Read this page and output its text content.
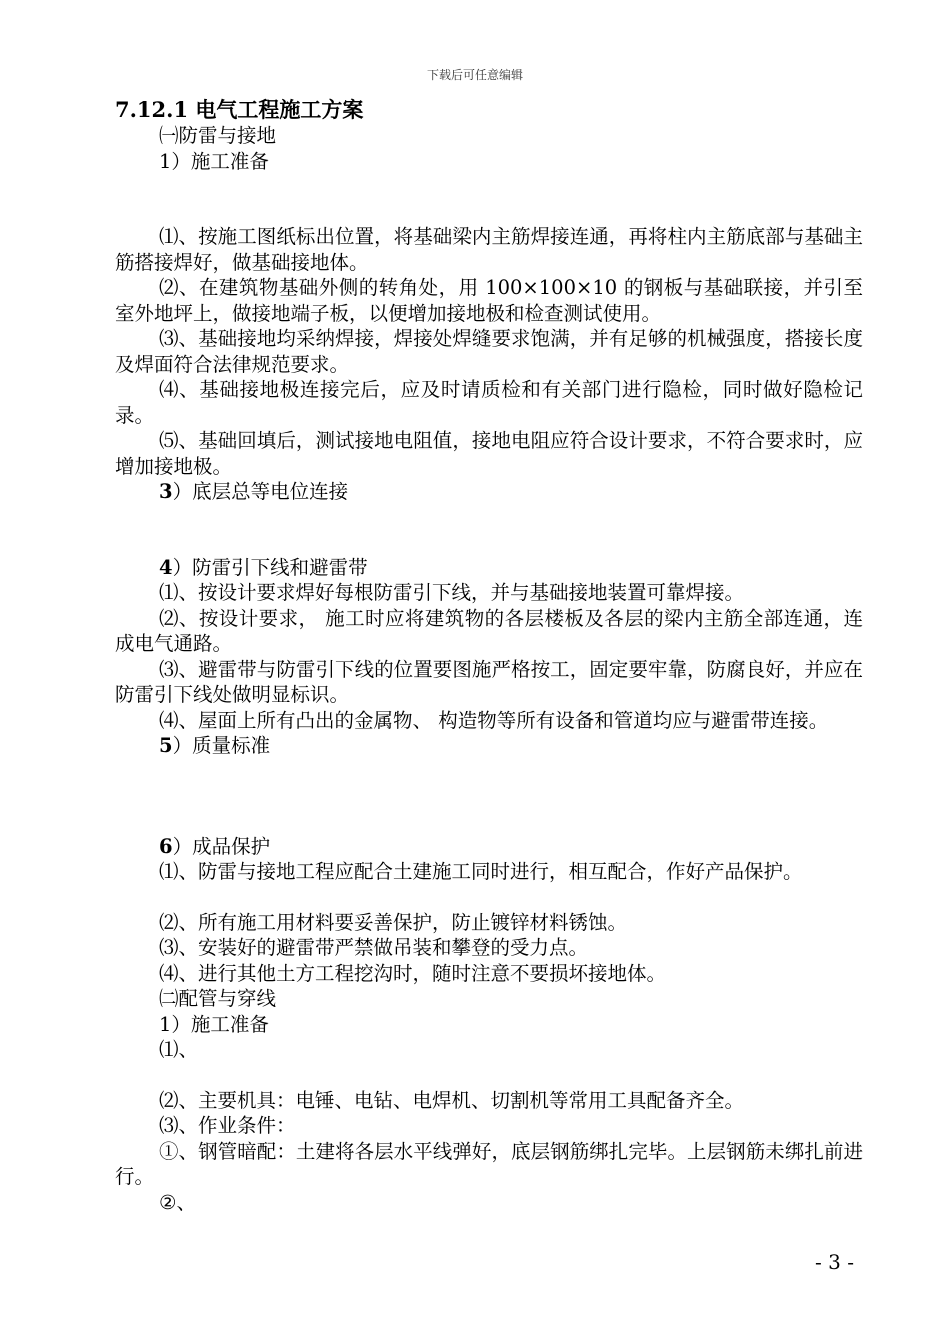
下载后可任意编辑

7.12.1 电气工程施工方案

㈠防雷与接地

1）施工准备

⑴、按施工图纸标出位置，将基础梁内主筋焊接连通，再将柱内主筋底部与基础主筋搭接焊好，做基础接地体。

⑵、在建筑物基础外侧的转角处，用 100×100×10 的钢板与基础联接，并引至室外地坪上，做接地端子板，以便增加接地极和检查测试使用。

⑶、基础接地均采纳焊接，焊接处焊缝要求饱满，并有足够的机械强度，搭接长度及焊面符合法律规范要求。

⑷、基础接地极连接完后，应及时请质检和有关部门进行隐检，同时做好隐检记录。

⑸、基础回填后，测试接地电阻值，接地电阻应符合设计要求，不符合要求时，应增加接地极。

3）底层总等电位连接

4）防雷引下线和避雷带

⑴、按设计要求焊好每根防雷引下线，并与基础接地装置可靠焊接。

⑵、按设计要求， 施工时应将建筑物的各层楼板及各层的梁内主筋全部连通，连成电气通路。

⑶、避雷带与防雷引下线的位置要图施严格按工，固定要牢靠，防腐良好，并应在防雷引下线处做明显标识。

⑷、屋面上所有凸出的金属物、 构造物等所有设备和管道均应与避雷带连接。

5）质量标准

6）成品保护

⑴、防雷与接地工程应配合土建施工同时进行，相互配合，作好产品保护。

⑵、所有施工用材料要妥善保护，防止镀锌材料锈蚀。

⑶、安装好的避雷带严禁做吊装和攀登的受力点。

⑷、进行其他土方工程挖沟时，随时注意不要损坏接地体。

㈡配管与穿线

1）施工准备

⑴、

⑵、主要机具：电锤、电钻、电焊机、切割机等常用工具配备齐全。

⑶、作业条件：

①、钢管暗配：土建将各层水平线弹好，底层钢筋绑扎完毕。上层钢筋未绑扎前进行。

②、

- 3 -
